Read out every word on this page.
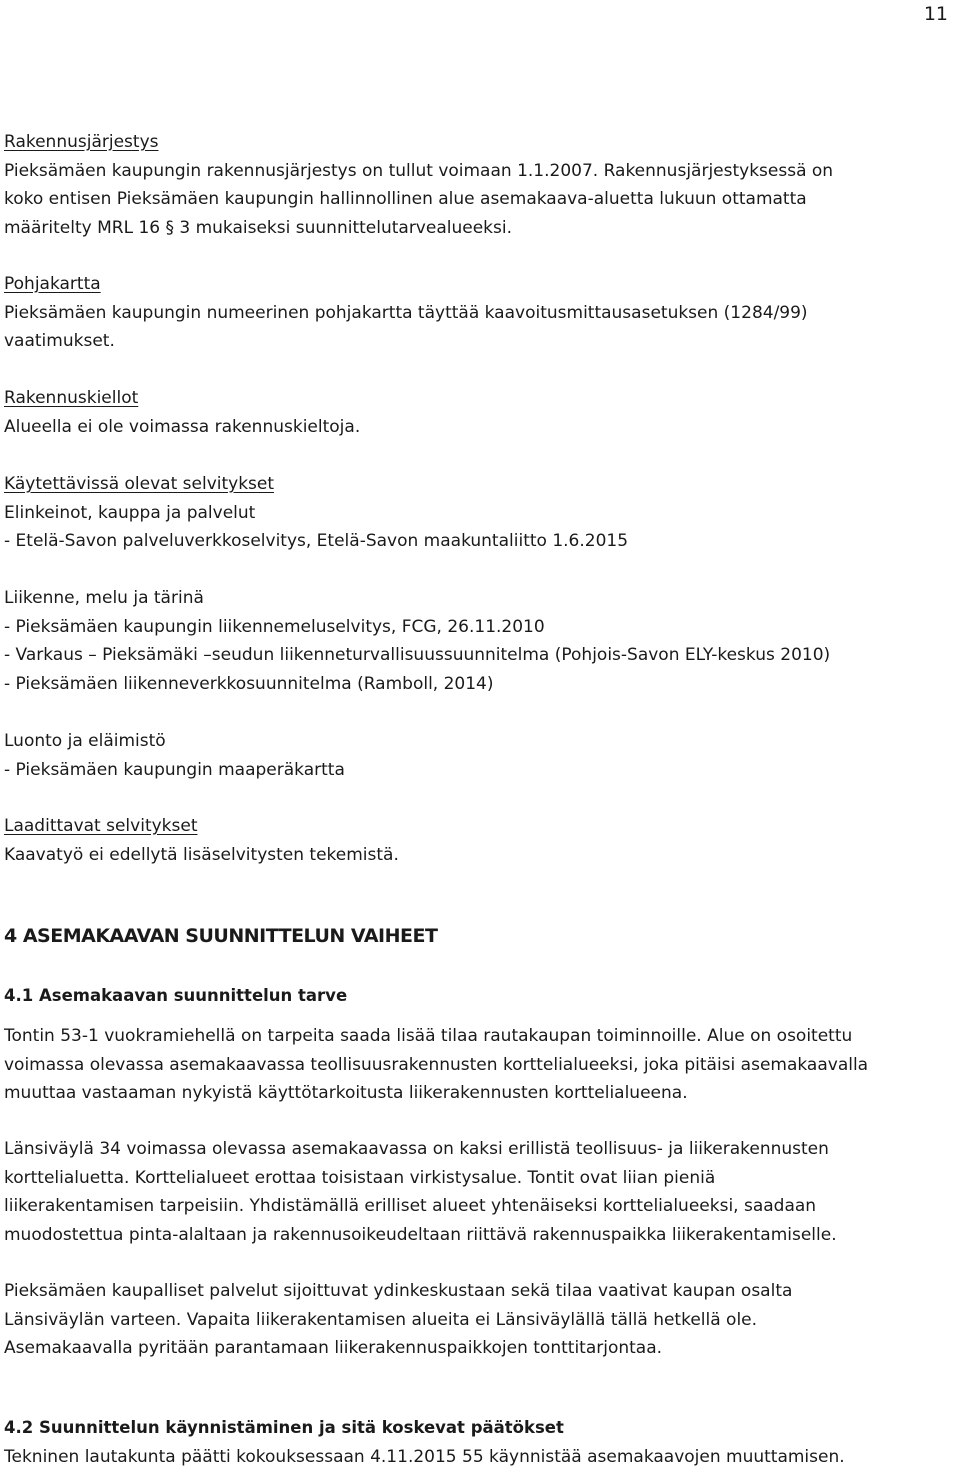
11
Rakennusjärjestys
Pieksämäen kaupungin rakennusjärjestys on tullut voimaan 1.1.2007. Rakennusjärjestyksessä on
koko entisen Pieksämäen kaupungin hallinnollinen alue asemakaava-aluetta lukuun ottamatta
määritelty MRL 16 § 3 mukaiseksi suunnittelutarvealueeksi.
Pohjakartta
Pieksämäen kaupungin numeerinen pohjakartta täyttää kaavoitusmittausasetuksen (1284/99)
vaatimukset.
Rakennuskiellot
Alueella ei ole voimassa rakennuskieltoja.
Käytettävissä olevat selvitykset
Elinkeinot, kauppa ja palvelut
- Etelä-Savon palveluverkkoselvitys, Etelä-Savon maakuntaliitto 1.6.2015
Liikenne, melu ja tärinä
- Pieksämäen kaupungin liikennemeluselvitys, FCG, 26.11.2010
- Varkaus – Pieksämäki –seudun liikenneturvallisuussuunnitelma (Pohjois-Savon ELY-keskus 2010)
- Pieksämäen liikenneverkkosuunnitelma (Ramboll, 2014)
Luonto ja eläimistö
- Pieksämäen kaupungin maaperäkartta
Laadittavat selvitykset
Kaavatyö ei edellytä lisäselvitysten tekemistä.
4 ASEMAKAAVAN SUUNNITTELUN VAIHEET
4.1 Asemakaavan suunnittelun tarve
Tontin 53-1 vuokramiehellä on tarpeita saada lisää tilaa rautakaupan toiminnoille. Alue on osoitettu
voimassa olevassa asemakaavassa teollisuusrakennusten korttelialueeksi, joka pitäisi asemakaavalla
muuttaa vastaaman nykyistä käyttötarkoitusta liikerakennusten korttelialueena.
Länsiväylä 34 voimassa olevassa asemakaavassa on kaksi erillistä teollisuus- ja liikerakennusten
korttelialuetta. Korttelialueet erottaa toisistaan virkistysalue. Tontit ovat liian pieniä
liikerakentamisen tarpeisiin. Yhdistämällä erilliset alueet yhtenäiseksi korttelialueeksi, saadaan
muodostettua pinta-alaltaan ja rakennusoikeudeltaan riittävä rakennuspaikka liikerakentamiselle.
Pieksämäen kaupalliset palvelut sijoittuvat ydinkeskustaan sekä tilaa vaativat kaupan osalta
Länsiväylän varteen. Vapaita liikerakentamisen alueita ei Länsiväylällä tällä hetkellä ole.
Asemakaavalla pyritään parantamaan liikerakennuspaikkojen tonttitarjontaa.
4.2 Suunnittelun käynnistäminen ja sitä koskevat päätökset
Tekninen lautakunta päätti kokouksessaan 4.11.2015 55 käynnistää asemakaavojen muuttamisen.
